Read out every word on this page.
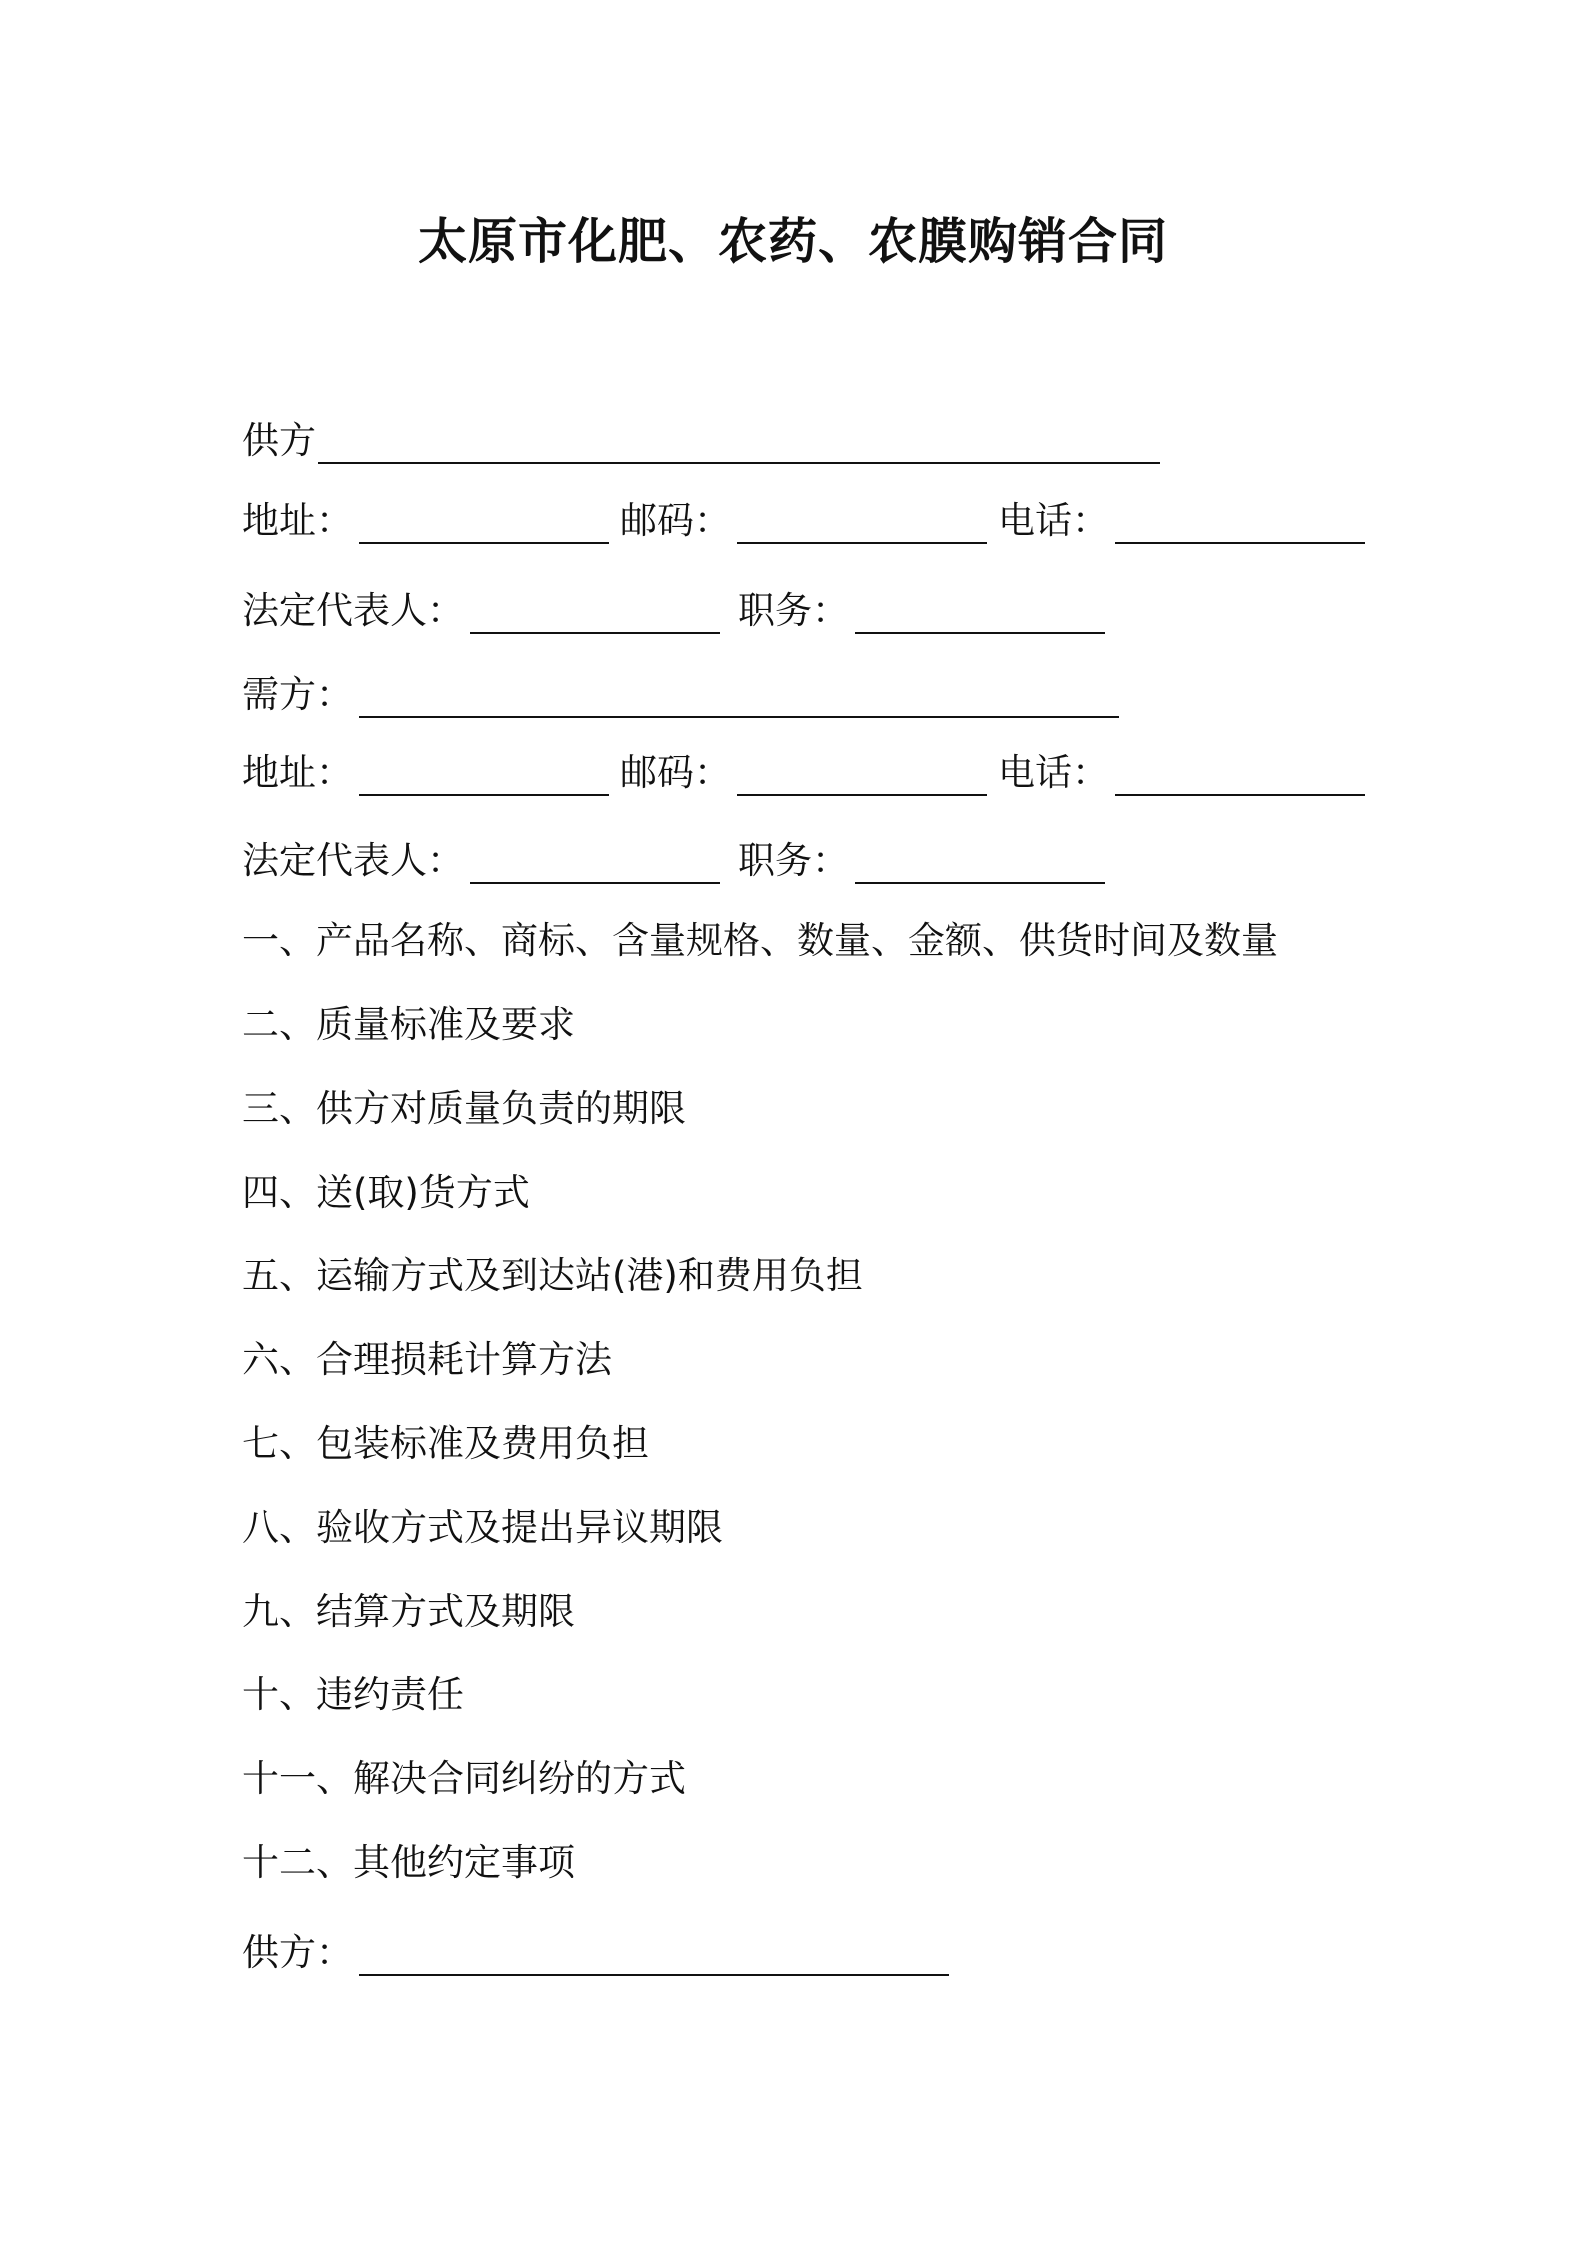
太原市化肥、农药、农膜购销合同
供方
地址：	邮码：	电话：
法定代表人：	职务：
需方：
地址：	邮码：	电话：
法定代表人：	职务：
一、产品名称、商标、含量规格、数量、金额、供货时间及数量
二、质量标准及要求
三、供方对质量负责的期限
四、送(取)货方式
五、运输方式及到达站(港)和费用负担
六、合理损耗计算方法
七、包装标准及费用负担
八、验收方式及提出异议期限
九、结算方式及期限
十、违约责任
十一、解决合同纠纷的方式
十二、其他约定事项
供方：
